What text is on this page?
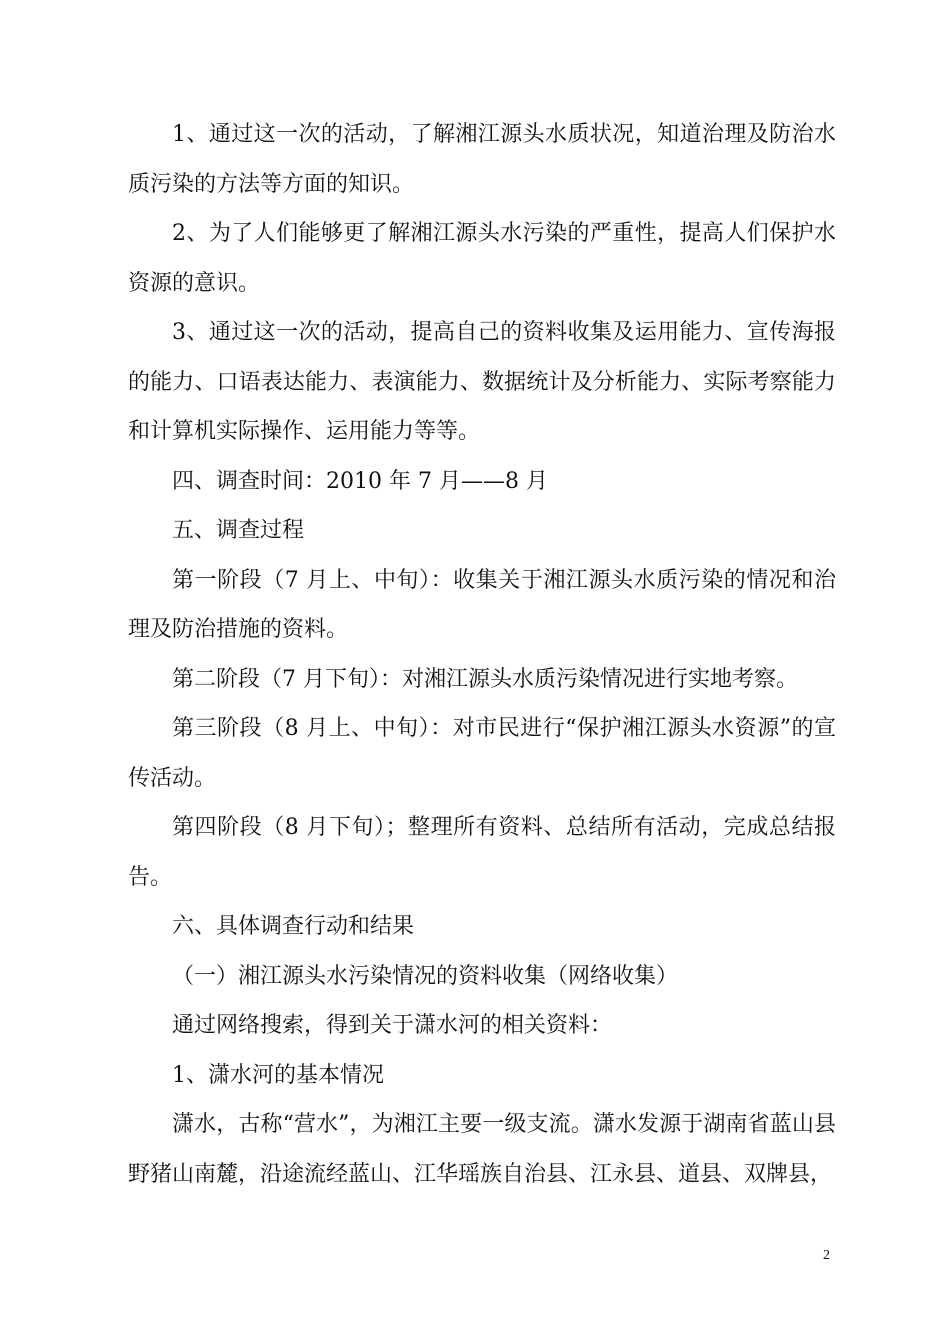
1、通过这一次的活动，了解湘江源头水质状况，知道治理及防治水质污染的方法等方面的知识。

2、为了人们能够更了解湘江源头水污染的严重性，提高人们保护水资源的意识。

3、通过这一次的活动，提高自己的资料收集及运用能力、宣传海报的能力、口语表达能力、表演能力、数据统计及分析能力、实际考察能力和计算机实际操作、运用能力等等。

四、调查时间：2010 年 7 月——8 月

五、调查过程

第一阶段（7 月上、中旬）：收集关于湘江源头水质污染的情况和治理及防治措施的资料。

第二阶段（7 月下旬）：对湘江源头水质污染情况进行实地考察。

第三阶段（8 月上、中旬）：对市民进行“保护湘江源头水资源”的宣传活动。

第四阶段（8 月下旬）；整理所有资料、总结所有活动，完成总结报告。

六、具体调查行动和结果

（一）湘江源头水污染情况的资料收集（网络收集）

通过网络搜索，得到关于潇水河的相关资料：

1、潇水河的基本情况

潇水，古称“营水”，为湘江主要一级支流。潇水发源于湖南省蓝山县野猪山南麓，沿途流经蓝山、江华瑶族自治县、江永县、道县、双牌县，

2
